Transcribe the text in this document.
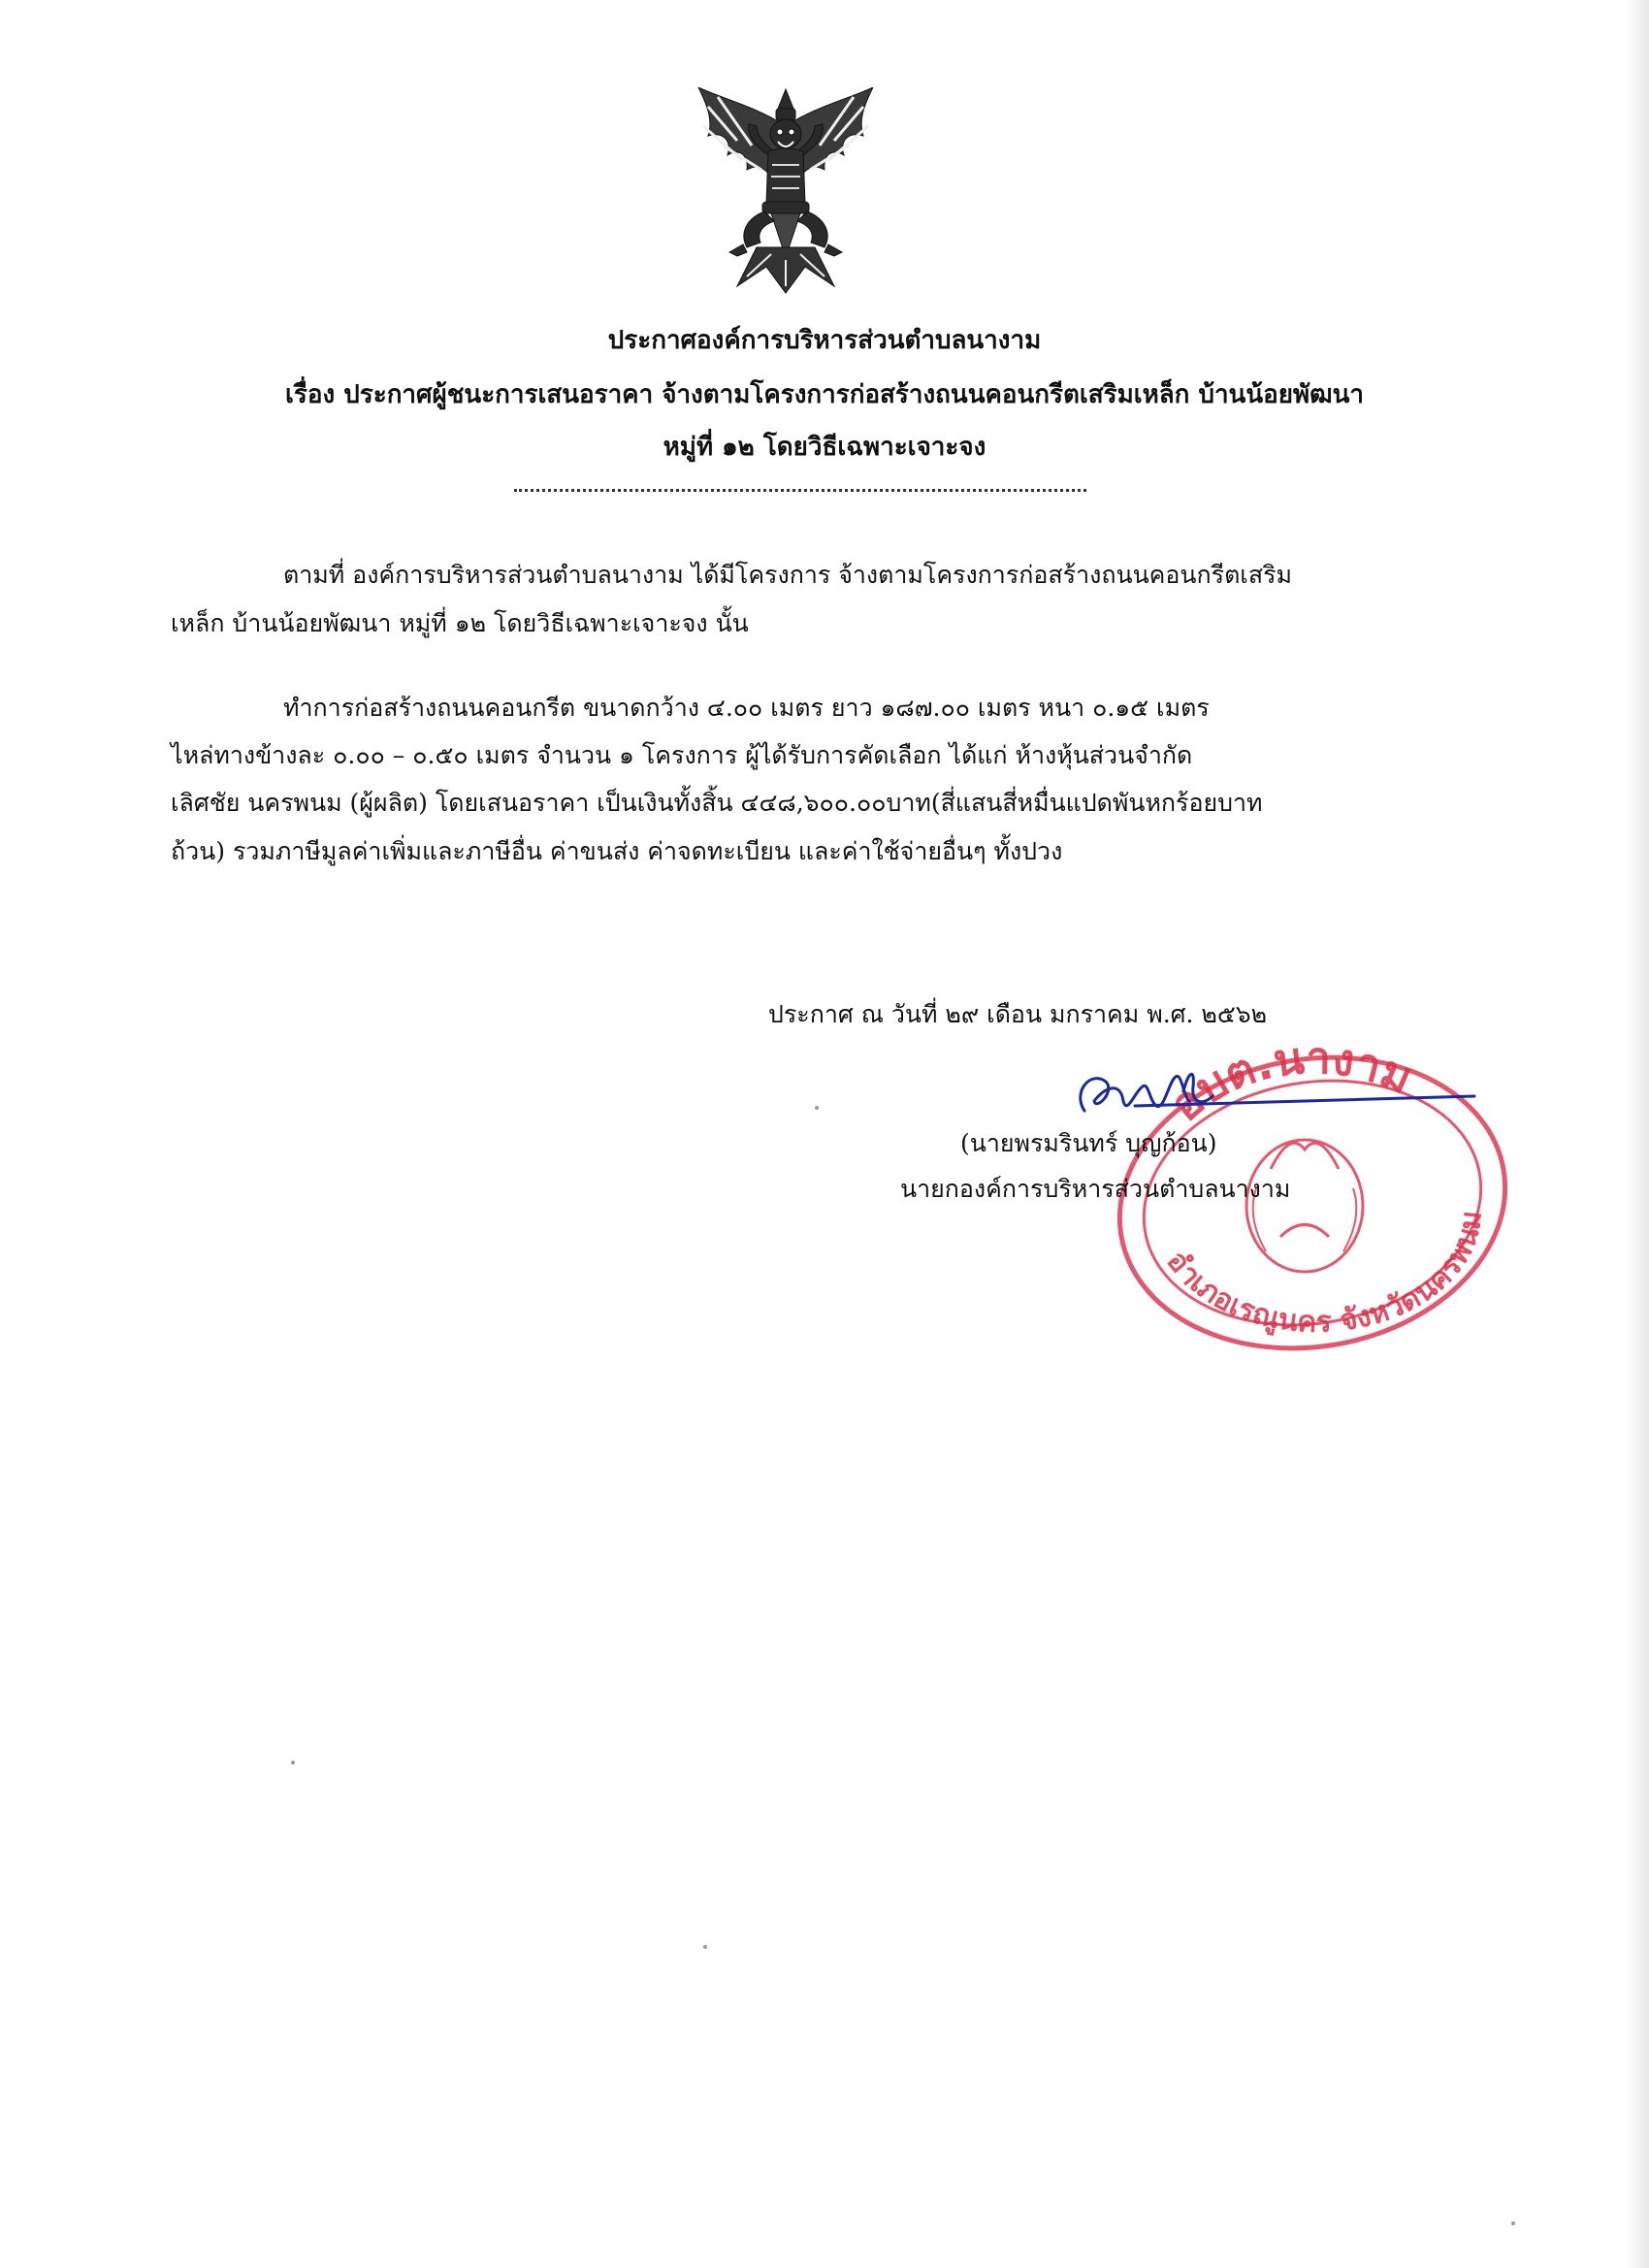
ประกาศองค์การบริหารส่วนตำบลนางาม
เรื่อง ประกาศผู้ชนะการเสนอราคา จ้างตามโครงการก่อสร้างถนนคอนกรีตเสริมเหล็ก บ้านน้อยพัฒนา
หมู่ที่ ๑๒ โดยวิธีเฉพาะเจาะจง
ตามที่ องค์การบริหารส่วนตำบลนางาม ได้มีโครงการ จ้างตามโครงการก่อสร้างถนนคอนกรีตเสริม
เหล็ก บ้านน้อยพัฒนา หมู่ที่ ๑๒ โดยวิธีเฉพาะเจาะจง นั้น
ทำการก่อสร้างถนนคอนกรีต ขนาดกว้าง ๔.๐๐ เมตร ยาว ๑๘๗.๐๐ เมตร หนา ๐.๑๕ เมตร
ไหล่ทางข้างละ ๐.๐๐ – ๐.๕๐ เมตร จำนวน ๑ โครงการ ผู้ได้รับการคัดเลือก ได้แก่ ห้างหุ้นส่วนจำกัด
เลิศชัย นครพนม (ผู้ผลิต) โดยเสนอราคา เป็นเงินทั้งสิ้น ๔๔๘,๖๐๐.๐๐บาท(สี่แสนสี่หมื่นแปดพันหกร้อยบาท
ถ้วน) รวมภาษีมูลค่าเพิ่มและภาษีอื่น ค่าขนส่ง ค่าจดทะเบียน และค่าใช้จ่ายอื่นๆ ทั้งปวง
ประกาศ ณ วันที่ ๒๙ เดือน มกราคม พ.ศ. ๒๕๖๒
อบต.นางาม
อำเภอเรณูนคร จังหวัดนครพนม
(นายพรมรินทร์ บุญก้อน)
นายกองค์การบริหารส่วนตำบลนางาม
